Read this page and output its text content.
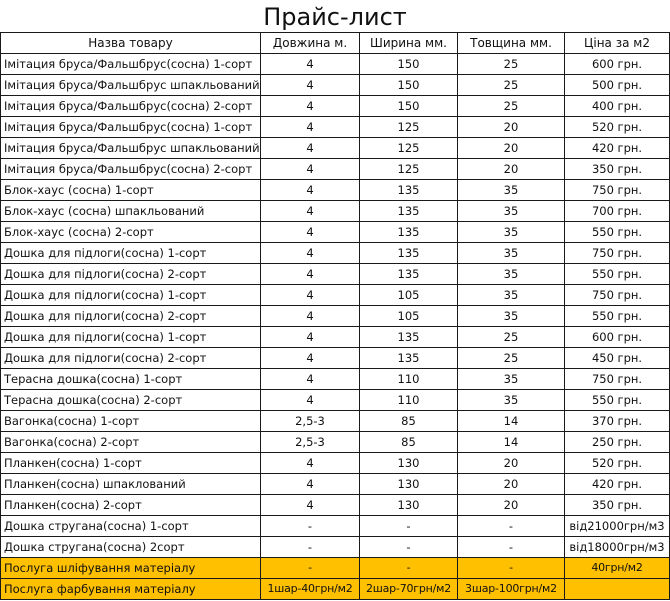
Прайс-лист
Назва товару	Довжина м.	Ширина мм.	Товщина мм.	Ціна за м2
Імітация бруса/Фальшбрус(сосна) 1-сорт	4	150	25	600 грн.
Імітация бруса/Фальшбрус шпакльований	4	150	25	500 грн.
Імітация бруса/Фальшбрус(сосна) 2-сорт	4	150	25	400 грн.
Імітация бруса/Фальшбрус(сосна) 1-сорт	4	125	20	520 грн.
Імітация бруса/Фальшбрус шпакльований	4	125	20	420 грн.
Імітация бруса/Фальшбрус(сосна) 2-сорт	4	125	20	350 грн.
Блок-хаус (сосна) 1-сорт	4	135	35	750 грн.
Блок-хаус (сосна) шпакльований	4	135	35	700 грн.
Блок-хаус (сосна) 2-сорт	4	135	35	550 грн.
Дошка для підлоги(сосна) 1-сорт	4	135	35	750 грн.
Дошка для підлоги(сосна) 2-сорт	4	135	35	550 грн.
Дошка для підлоги(сосна) 1-сорт	4	105	35	750 грн.
Дошка для підлоги(сосна) 2-сорт	4	105	35	550 грн.
Дошка для підлоги(сосна) 1-сорт	4	135	25	600 грн.
Дошка для підлоги(сосна) 2-сорт	4	135	25	450 грн.
Терасна дошка(сосна) 1-сорт	4	110	35	750 грн.
Терасна дошка(сосна) 2-сорт	4	110	35	550 грн.
Вагонка(сосна) 1-сорт	2,5-3	85	14	370 грн.
Вагонка(сосна) 2-сорт	2,5-3	85	14	250 грн.
Планкен(сосна) 1-сорт	4	130	20	520 грн.
Планкен(сосна) шпаклований	4	130	20	420 грн.
Планкен(сосна) 2-сорт	4	130	20	350 грн.
Дошка стругана(сосна) 1-сорт	-	-	-	від21000грн/м3
Дошка стругана(сосна) 2сорт	-	-	-	від18000грн/м3
Послуга шліфування матеріалу	-	-	-	40грн/м2
Послуга фарбування матеріалу	1шар-40грн/м2	2шар-70грн/м2	3шар-100грн/м2	
